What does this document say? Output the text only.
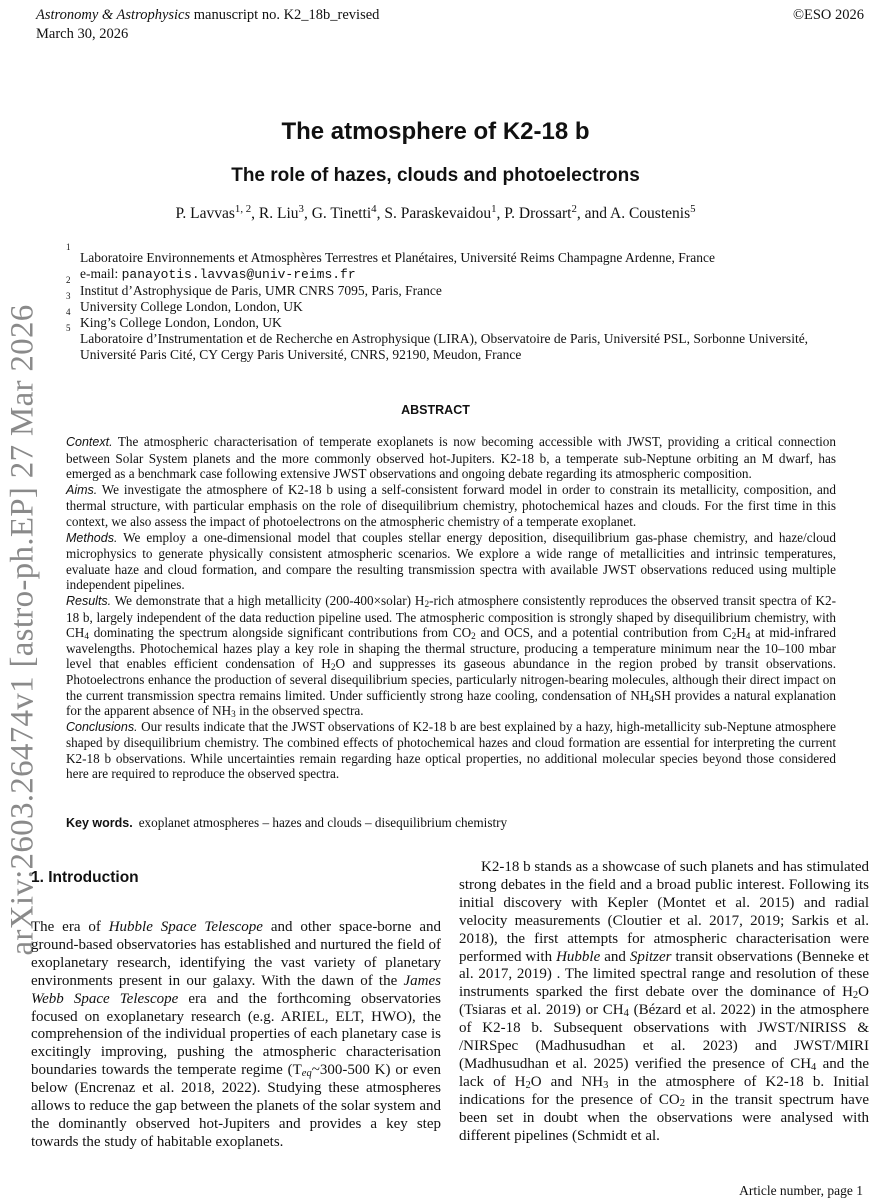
Astronomy & Astrophysics manuscript no. K2_18b_revised
March 30, 2026
©ESO 2026
arXiv:2603.26474v1 [astro-ph.EP] 27 Mar 2026
The atmosphere of K2-18 b
The role of hazes, clouds and photoelectrons
P. Lavvas$^{1, 2}$, R. Liu$^3$, G. Tinetti$^4$, S. Paraskevaidou$^1$, P. Drossart$^2$, and A. Coustenis$^5$
1
Laboratoire Environnements et Atmosphères Terrestres et Planétaires, Université Reims Champagne Ardenne, France
e-mail: panayotis.lavvas@univ-reims.fr
2
Institut d’Astrophysique de Paris, UMR CNRS 7095, Paris, France
3
University College London, London, UK
4
King’s College London, London, UK
5
Laboratoire d’Instrumentation et de Recherche en Astrophysique (LIRA), Observatoire de Paris, Université PSL, Sorbonne Université, Université Paris Cité, CY Cergy Paris Université, CNRS, 92190, Meudon, France
ABSTRACT

Context. The atmospheric characterisation of temperate exoplanets is now becoming accessible with JWST, providing a critical connection between Solar System planets and the more commonly observed hot-Jupiters. K2-18 b, a temperate sub-Neptune orbiting an M dwarf, has emerged as a benchmark case following extensive JWST observations and ongoing debate regarding its atmospheric composition.

Aims. We investigate the atmosphere of K2-18 b using a self-consistent forward model in order to constrain its metallicity, composition, and thermal structure, with particular emphasis on the role of disequilibrium chemistry, photochemical hazes and clouds. For the first time in this context, we also assess the impact of photoelectrons on the atmospheric chemistry of a temperate exoplanet.

Methods. We employ a one-dimensional model that couples stellar energy deposition, disequilibrium gas-phase chemistry, and haze/cloud microphysics to generate physically consistent atmospheric scenarios. We explore a wide range of metallicities and intrinsic temperatures, evaluate haze and cloud formation, and compare the resulting transmission spectra with available JWST observations reduced using multiple independent pipelines.

Results. We demonstrate that a high metallicity (200-400×solar) $H_2$-rich atmosphere consistently reproduces the observed transit spectra of K2-18 b, largely independent of the data reduction pipeline used. The atmospheric composition is strongly shaped by disequilibrium chemistry, with $CH_4$ dominating the spectrum alongside significant contributions from $CO_2$ and OCS, and a potential contribution from $C_2H_4$ at mid-infrared wavelengths. Photochemical hazes play a key role in shaping the thermal structure, producing a temperature minimum near the 10–100 mbar level that enables efficient condensation of $H_2O$ and suppresses its gaseous abundance in the region probed by transit observations. Photoelectrons enhance the production of several disequilibrium species, particularly nitrogen-bearing molecules, although their direct impact on the current transmission spectra remains limited. Under sufficiently strong haze cooling, condensation of $NH_4SH$ provides a natural explanation for the apparent absence of $NH_3$ in the observed spectra.

Conclusions. Our results indicate that the JWST observations of K2-18 b are best explained by a hazy, high-metallicity sub-Neptune atmosphere shaped by disequilibrium chemistry. The combined effects of photochemical hazes and cloud formation are essential for interpreting the current K2-18 b observations. While uncertainties remain regarding haze optical properties, no additional molecular species beyond those considered here are required to reproduce the observed spectra.

Key words. exoplanet atmospheres – hazes and clouds – disequilibrium chemistry
1. Introduction

The era of Hubble Space Telescope and other space-borne and ground-based observatories has established and nurtured the field of exoplanetary research, identifying the vast variety of planetary environments present in our galaxy. With the dawn of the James Webb Space Telescope era and the forthcoming observatories focused on exoplanetary research (e.g. ARIEL, ELT, HWO), the comprehension of the individual properties of each planetary case is excitingly improving, pushing the atmospheric characterisation boundaries towards the temperate regime ($T_{eq}\sim 300-500$ K) or even below (Encrenaz et al. 2018, 2022). Studying these atmospheres allows to reduce the gap between the planets of the solar system and the dominantly observed hot-Jupiters and provides a key step towards the study of habitable exoplanets.

K2-18 b stands as a showcase of such planets and has stimulated strong debates in the field and a broad public interest. Following its initial discovery with Kepler (Montet et al. 2015) and radial velocity measurements (Cloutier et al. 2017, 2019; Sarkis et al. 2018), the first attempts for atmospheric characterisation were performed with Hubble and Spitzer transit observations (Benneke et al. 2017, 2019) . The limited spectral range and resolution of these instruments sparked the first debate over the dominance of $H_2O$ (Tsiaras et al. 2019) or $CH_4$ (Bézard et al. 2022) in the atmosphere of K2-18 b. Subsequent observations with JWST/NIRISS & /NIRSpec (Madhusudhan et al. 2023) and JWST/MIRI (Madhusudhan et al. 2025) verified the presence of $CH_4$ and the lack of $H_2O$ and $NH_3$ in the atmosphere of K2-18 b. Initial indications for the presence of $CO_2$ in the transit spectrum have been set in doubt when the observations were analysed with different pipelines (Schmidt et al.

Article number, page 1
